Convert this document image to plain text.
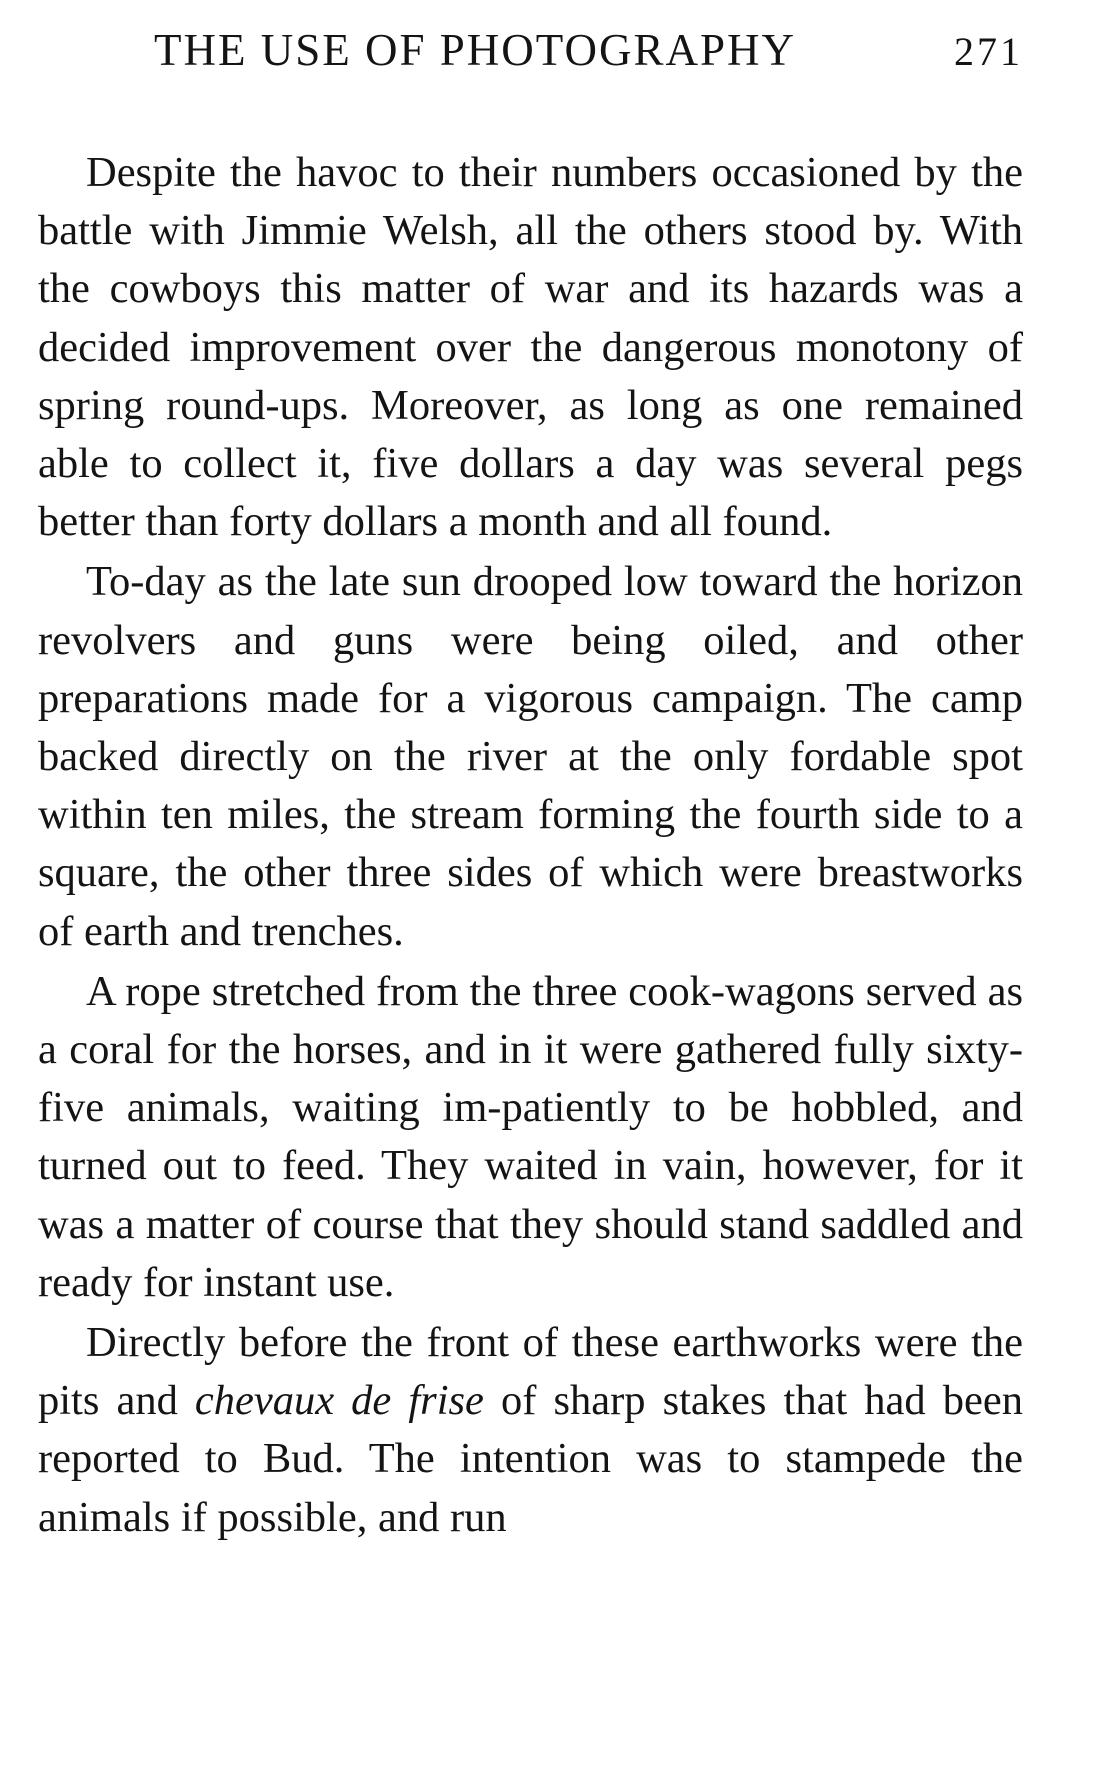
THE USE OF PHOTOGRAPHY	271

Despite the havoc to their numbers occasioned by the battle with Jimmie Welsh, all the others stood by. With the cowboys this matter of war and its hazards was a decided improvement over the dangerous monotony of spring round-ups. Moreover, as long as one remained able to collect it, five dollars a day was several pegs better than forty dollars a month and all found.

To-day as the late sun drooped low toward the horizon revolvers and guns were being oiled, and other preparations made for a vigorous campaign. The camp backed directly on the river at the only fordable spot within ten miles, the stream forming the fourth side to a square, the other three sides of which were breastworks of earth and trenches.

A rope stretched from the three cook-wagons served as a coral for the horses, and in it were gathered fully sixty-five animals, waiting im-patiently to be hobbled, and turned out to feed. They waited in vain, however, for it was a matter of course that they should stand saddled and ready for instant use.

Directly before the front of these earthworks were the pits and chevaux de frise of sharp stakes that had been reported to Bud. The intention was to stampede the animals if possible, and run
